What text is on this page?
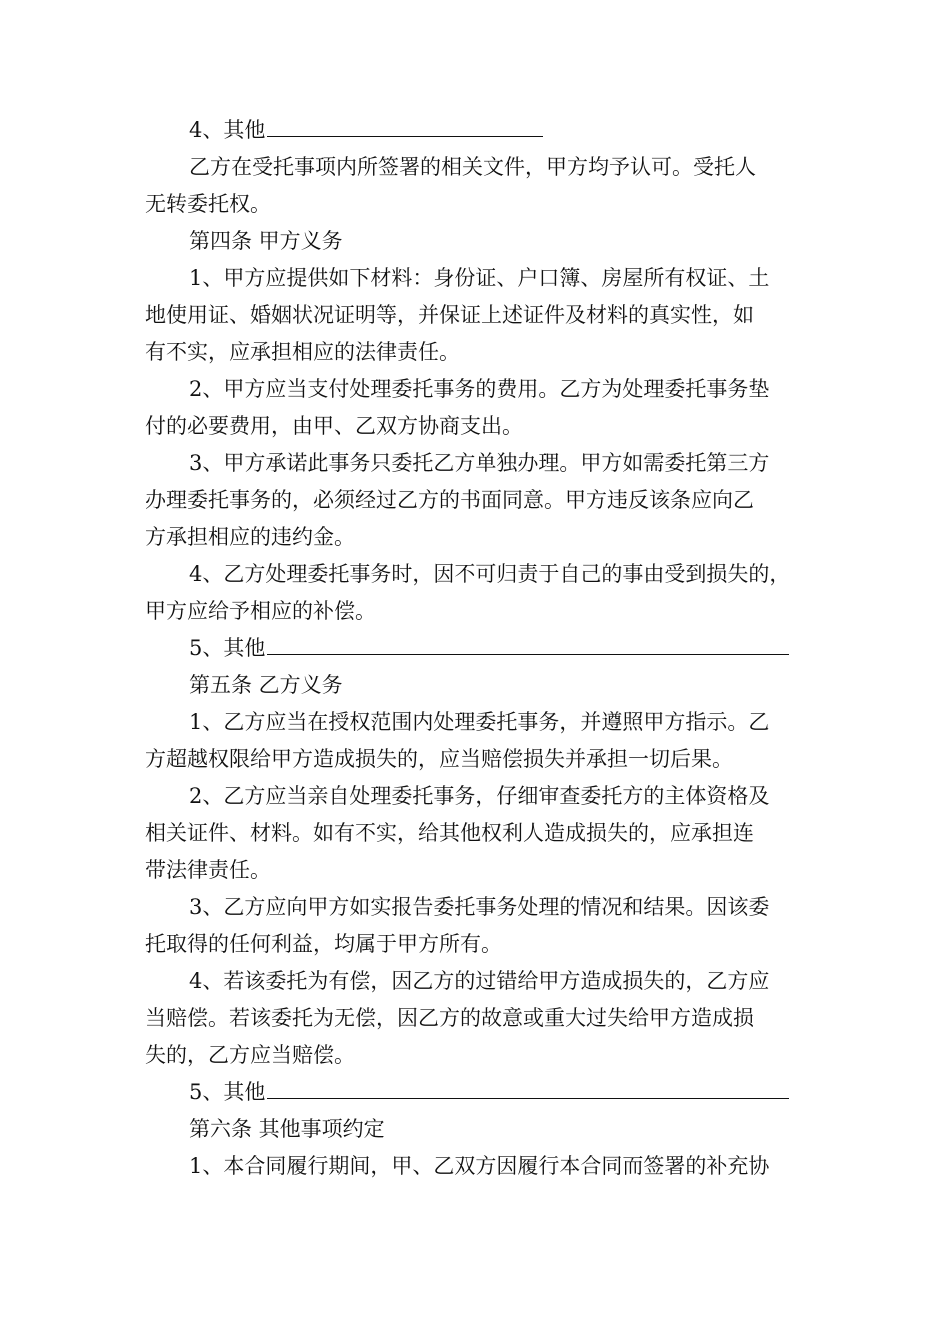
4、其他
乙方在受托事项内所签署的相关文件，甲方均予认可。受托人
无转委托权。
第四条 甲方义务
1、甲方应提供如下材料：身份证、户口簿、房屋所有权证、土
地使用证、婚姻状况证明等，并保证上述证件及材料的真实性，如
有不实，应承担相应的法律责任。
2、甲方应当支付处理委托事务的费用。乙方为处理委托事务垫
付的必要费用，由甲、乙双方协商支出。
3、甲方承诺此事务只委托乙方单独办理。甲方如需委托第三方
办理委托事务的，必须经过乙方的书面同意。甲方违反该条应向乙
方承担相应的违约金。
4、乙方处理委托事务时，因不可归责于自己的事由受到损失的，
甲方应给予相应的补偿。
5、其他
第五条 乙方义务
1、乙方应当在授权范围内处理委托事务，并遵照甲方指示。乙
方超越权限给甲方造成损失的，应当赔偿损失并承担一切后果。
2、乙方应当亲自处理委托事务，仔细审查委托方的主体资格及
相关证件、材料。如有不实，给其他权利人造成损失的，应承担连
带法律责任。
3、乙方应向甲方如实报告委托事务处理的情况和结果。因该委
托取得的任何利益，均属于甲方所有。
4、若该委托为有偿，因乙方的过错给甲方造成损失的，乙方应
当赔偿。若该委托为无偿，因乙方的故意或重大过失给甲方造成损
失的，乙方应当赔偿。
5、其他
第六条 其他事项约定
1、本合同履行期间，甲、乙双方因履行本合同而签署的补充协
